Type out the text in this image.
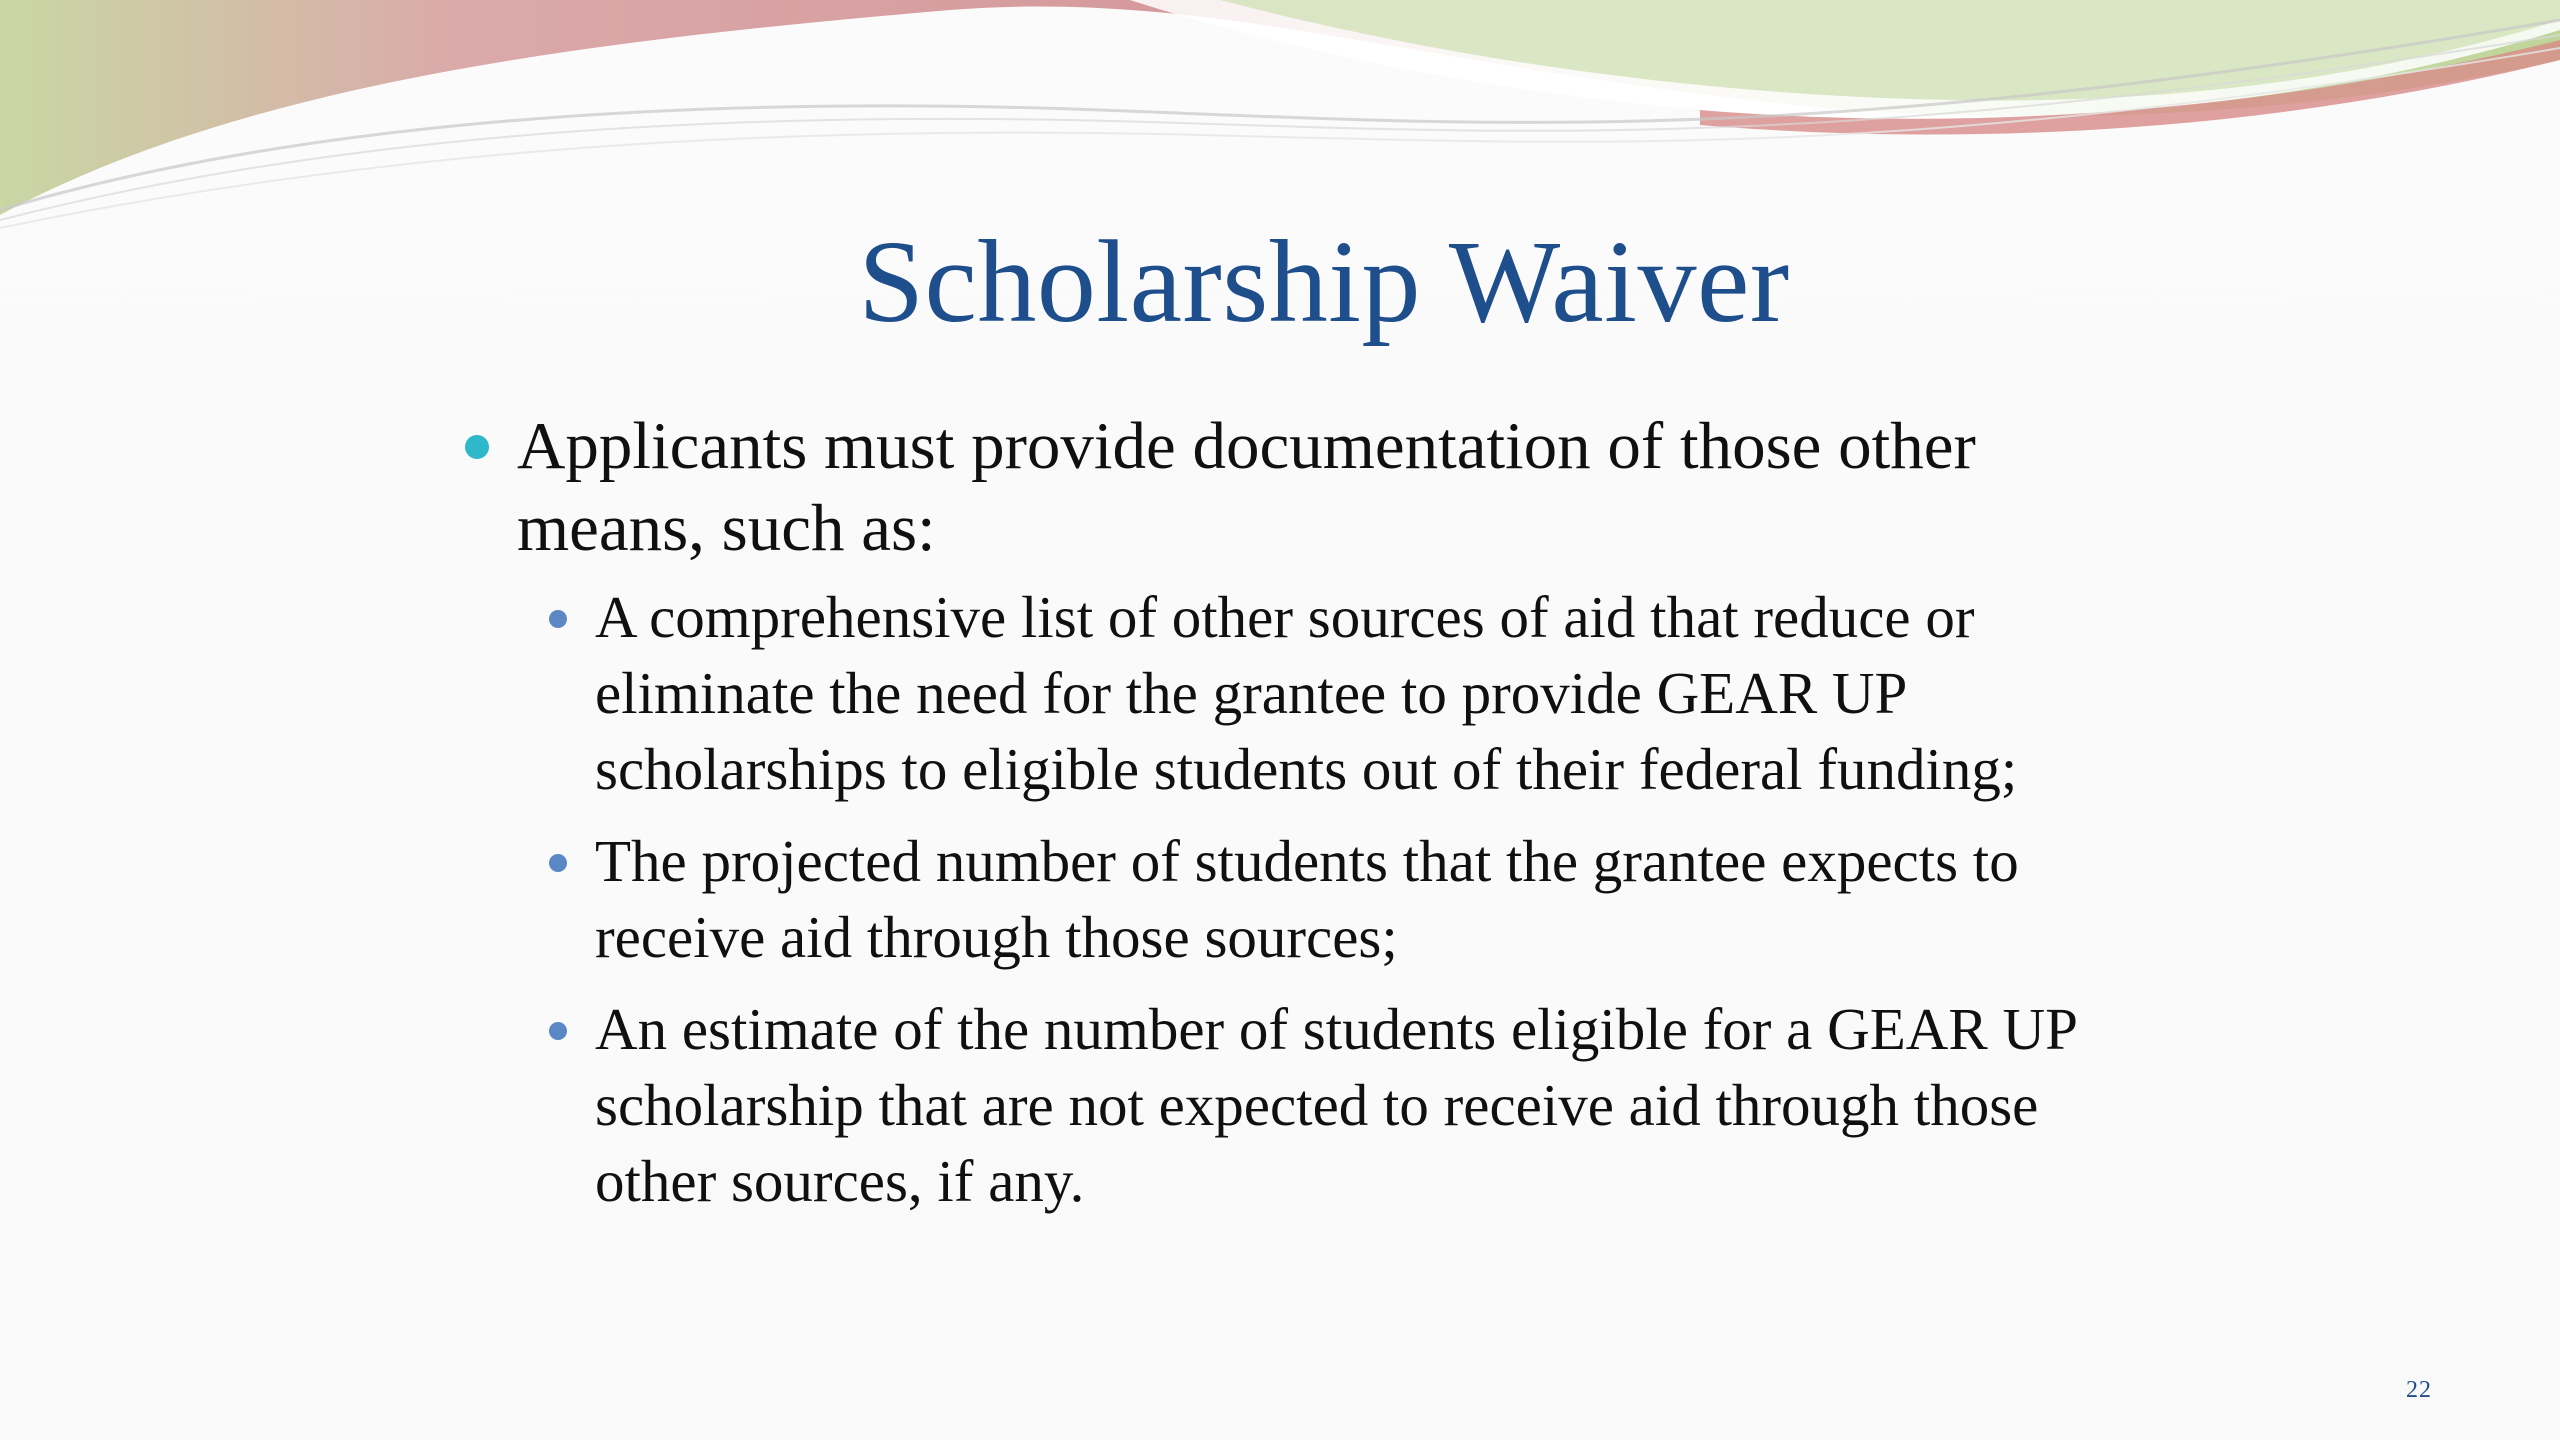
Scholarship Waiver
Applicants must provide documentation of those other means, such as:
A comprehensive list of other sources of aid that reduce or eliminate the need for the grantee to provide GEAR UP scholarships to eligible students out of their federal funding;
The projected number of students that the grantee expects to receive aid through those sources;
An estimate of the number of students eligible for a GEAR UP scholarship that are not expected to receive aid through those other sources, if any.
22
